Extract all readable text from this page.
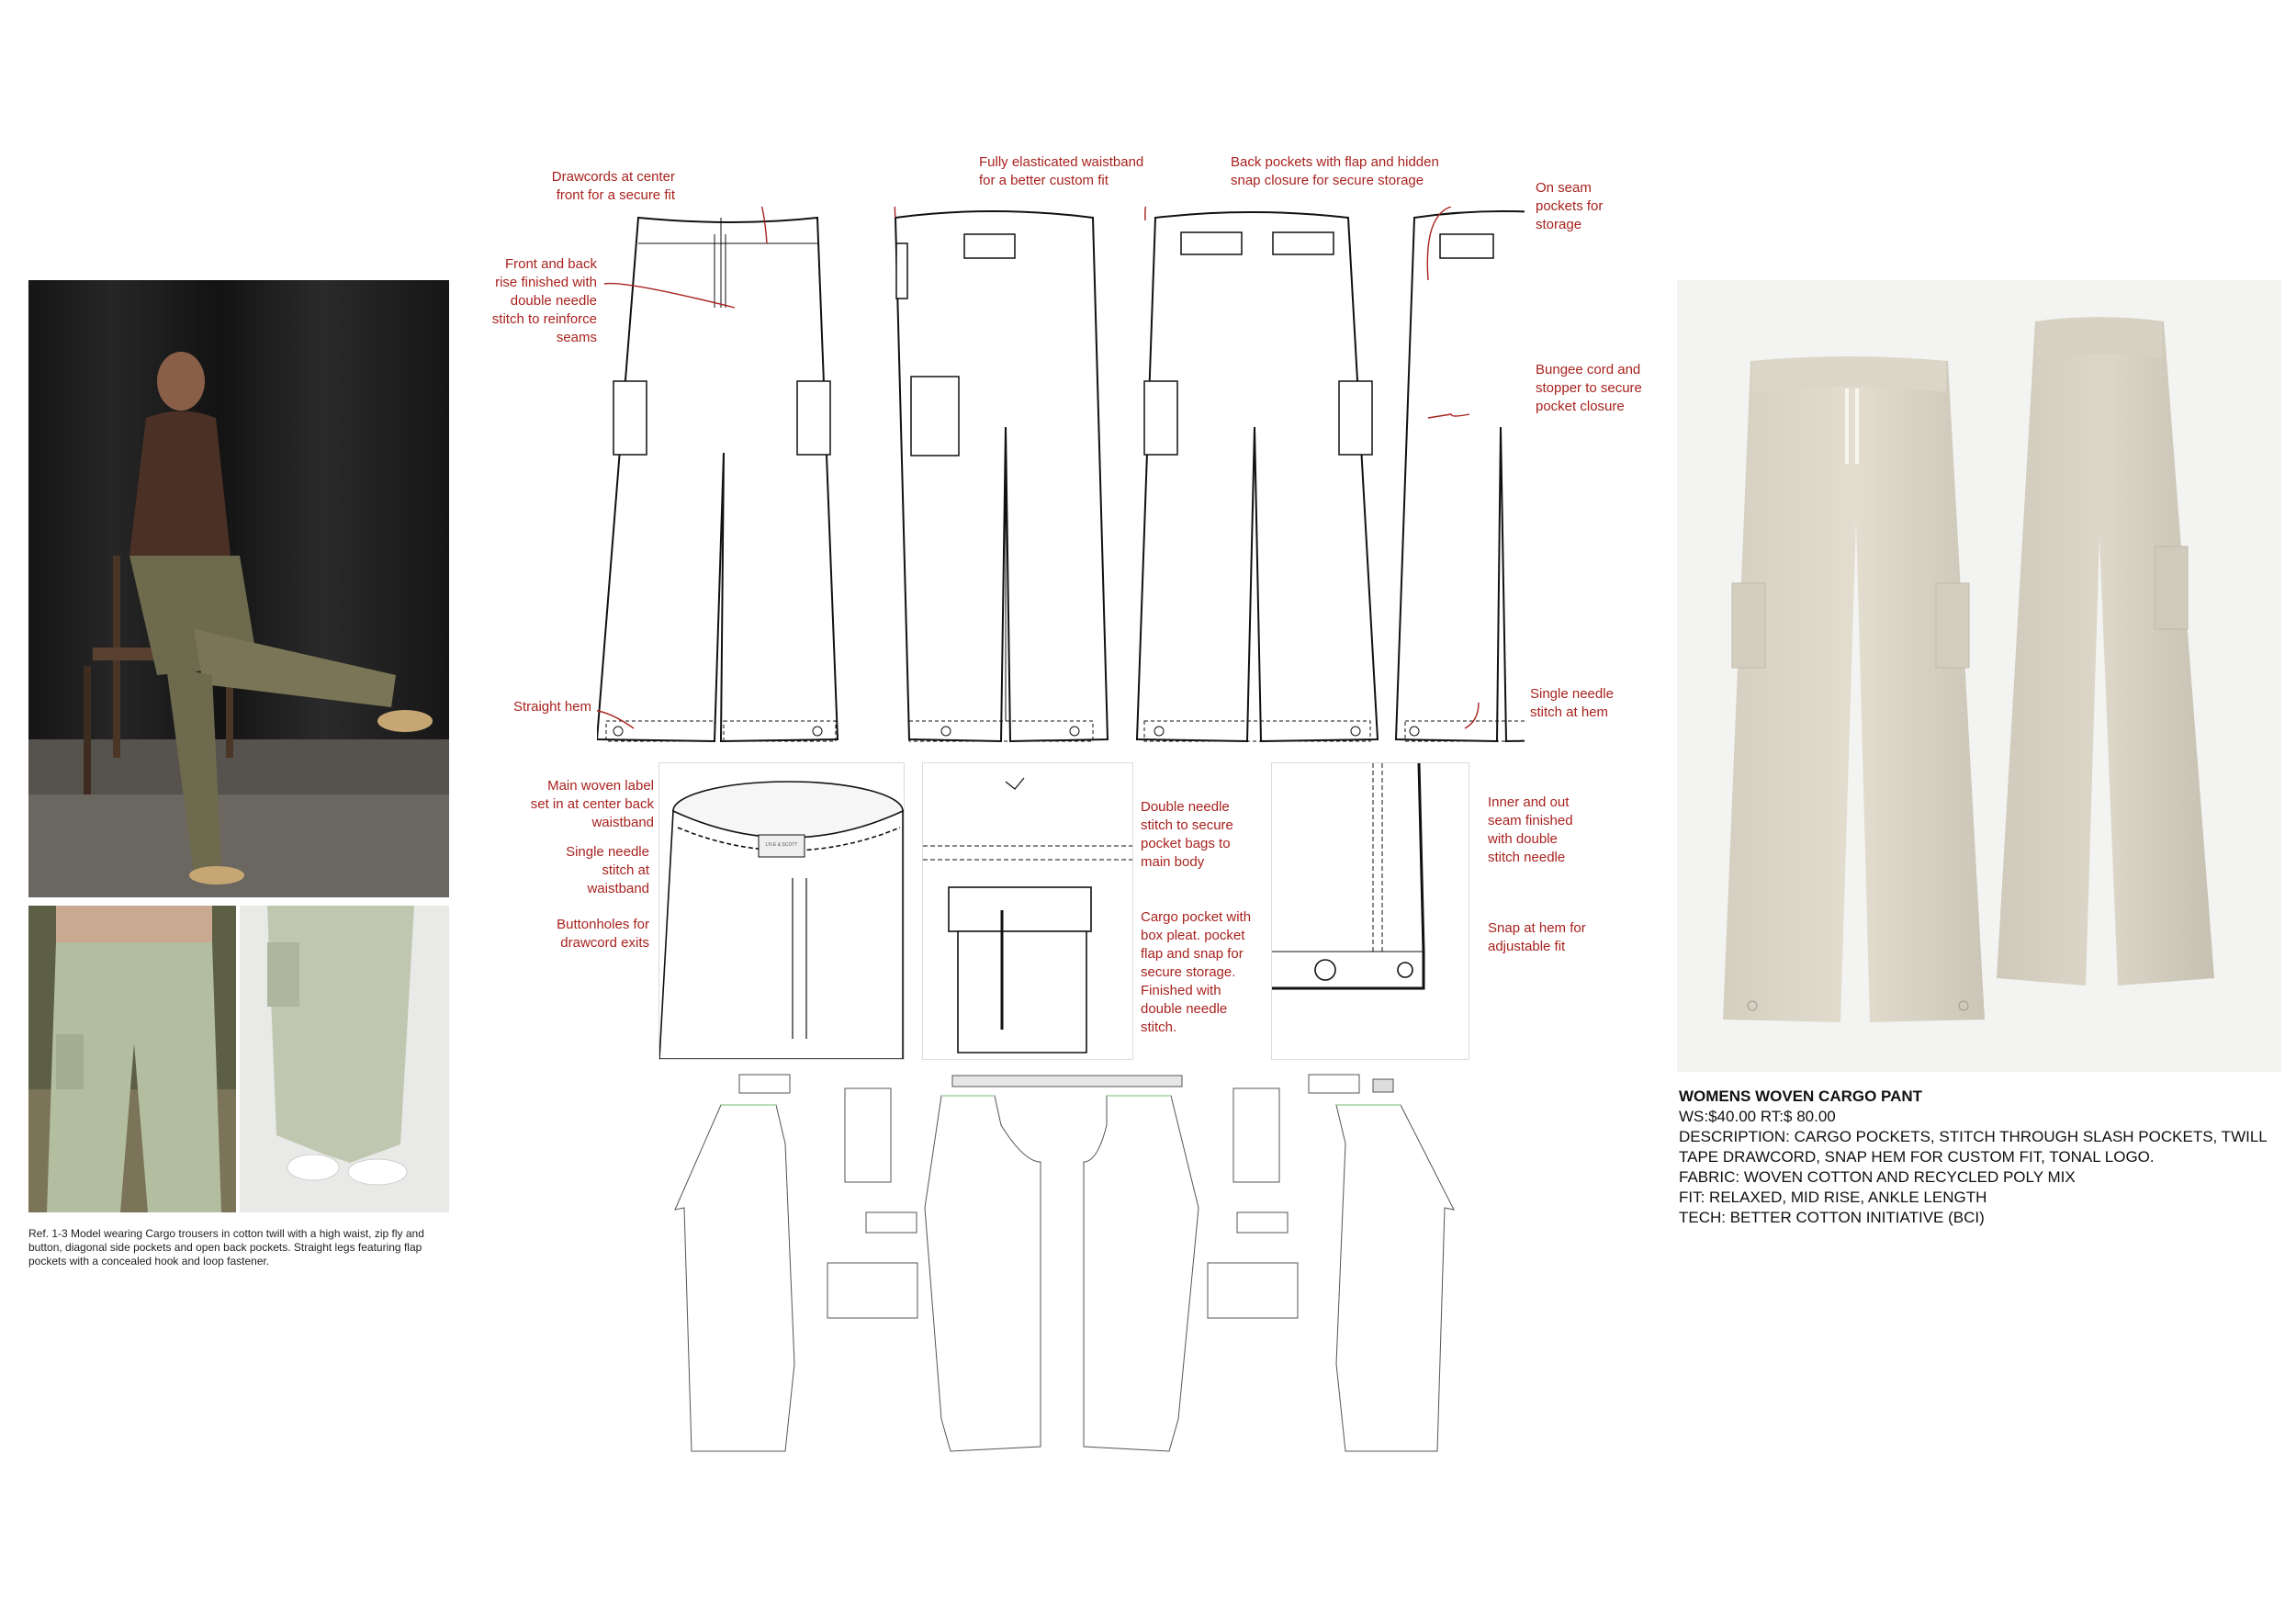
Ref. 1-3 Model wearing Cargo trousers in cotton twill with a high waist, zip fly and button, diagonal side pockets and open back pockets. Straight legs featuring flap pockets with a concealed hook and loop fastener.
Drawcords at center front for a secure fit
Front and back rise finished with double needle stitch to reinforce seams
Straight hem
Fully elasticated waistband for a better custom fit
Back pockets with flap and hidden snap closure for secure storage	On seam pockets for storage
Bungee cord and stopper to secure pocket closure
Single needle stitch at hem
LYLE & SCOTT
Main woven label set in at center back waistband
Single needle stitch at waistband
Buttonholes for drawcord exits
Double needle stitch to secure pocket bags to main body
Cargo pocket with box pleat. pocket flap and snap for secure storage. Finished with double needle stitch.
Inner and out seam finished with double stitch needle
Snap at hem for adjustable fit
WOMENS WOVEN CARGO PANT
WS:$40.00 RT:$ 80.00
DESCRIPTION: CARGO POCKETS, STITCH THROUGH SLASH POCKETS, TWILL TAPE DRAWCORD, SNAP HEM FOR CUSTOM FIT, TONAL LOGO.
FABRIC: WOVEN COTTON AND RECYCLED POLY MIX
FIT: RELAXED, MID RISE, ANKLE LENGTH
TECH: BETTER COTTON INITIATIVE (BCI)
